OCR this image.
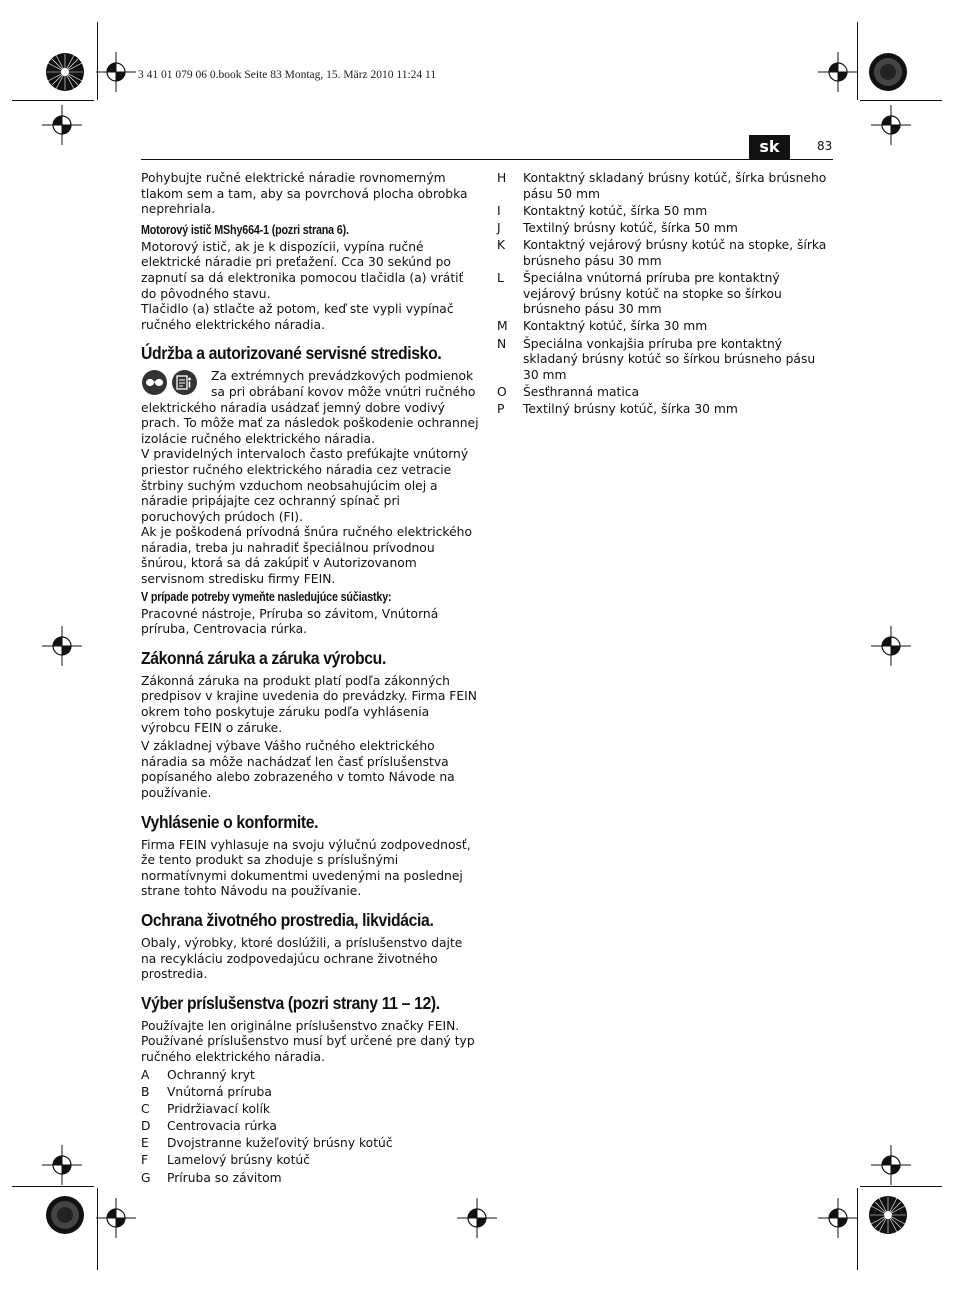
3 41 01 079 06 0.book Seite 83 Montag, 15. März 2010 11:24 11
sk	83

Pohybujte ručné elektrické náradie rovnomerným tlakom sem a tam, aby sa povrchová plocha obrobka neprehriala.

Motorový istič MShy664-1 (pozri strana 6).

Motorový istič, ak je k dispozícii, vypína ručné elektrické náradie pri preťažení. Cca 30 sekúnd po zapnutí sa dá elektronika pomocou tlačidla (a) vrátiť do pôvodného stavu.

Tlačidlo (a) stlačte až potom, keď ste vypli vypínač ručného elektrického náradia.

Údržba a autorizované servisné stredisko.

Za extrémnych prevádzkových podmienok sa pri obrábaní kovov môže vnútri ručného elektrického náradia usádzať jemný dobre vodivý prach. To môže mať za následok poškodenie ochrannej izolácie ručného elektrického náradia.

V pravidelných intervaloch často prefúkajte vnútorný priestor ručného elektrického náradia cez vetracie štrbiny suchým vzduchom neobsahujúcim olej a náradie pripájajte cez ochranný spínač pri poruchových prúdoch (FI).

Ak je poškodená prívodná šnúra ručného elektrického náradia, treba ju nahradiť špeciálnou prívodnou šnúrou, ktorá sa dá zakúpiť v Autorizovanom servisnom stredisku firmy FEIN.

V prípade potreby vymeňte nasledujúce súčiastky:

Pracovné nástroje, Príruba so závitom, Vnútorná príruba, Centrovacia rúrka.

Zákonná záruka a záruka výrobcu.

Zákonná záruka na produkt platí podľa zákonných predpisov v krajine uvedenia do prevádzky. Firma FEIN okrem toho poskytuje záruku podľa vyhlásenia výrobcu FEIN o záruke.

V základnej výbave Vášho ručného elektrického náradia sa môže nachádzať len časť príslušenstva popísaného alebo zobrazeného v tomto Návode na používanie.

Vyhlásenie o konformite.

Firma FEIN vyhlasuje na svoju výlučnú zodpovednosť, že tento produkt sa zhoduje s príslušnými normatívnymi dokumentmi uvedenými na poslednej strane tohto Návodu na používanie.

Ochrana životného prostredia, likvidácia.

Obaly, výrobky, ktoré doslúžili, a príslušenstvo dajte na recykláciu zodpovedajúcu ochrane životného prostredia.

Výber príslušenstva (pozri strany 11 – 12).

Používajte len originálne príslušenstvo značky FEIN. Používané príslušenstvo musí byť určené pre daný typ ručného elektrického náradia.

A	Ochranný kryt
B	Vnútorná príruba
C	Pridržiavací kolík
D	Centrovacia rúrka
E	Dvojstranne kužeľovitý brúsny kotúč
F	Lamelový brúsny kotúč
G	Príruba so závitom
H	Kontaktný skladaný brúsny kotúč, šírka brúsneho pásu 50 mm
I	Kontaktný kotúč, šírka 50 mm
J	Textilný brúsny kotúč, šírka 50 mm
K	Kontaktný vejárový brúsny kotúč na stopke, šírka brúsneho pásu 30 mm
L	Špeciálna vnútorná príruba pre kontaktný vejárový brúsny kotúč na stopke so šírkou brúsneho pásu 30 mm
M	Kontaktný kotúč, šírka 30 mm
N	Špeciálna vonkajšia príruba pre kontaktný skladaný brúsny kotúč so šírkou brúsneho pásu 30 mm
O	Šesťhranná matica
P	Textilný brúsny kotúč, šírka 30 mm
